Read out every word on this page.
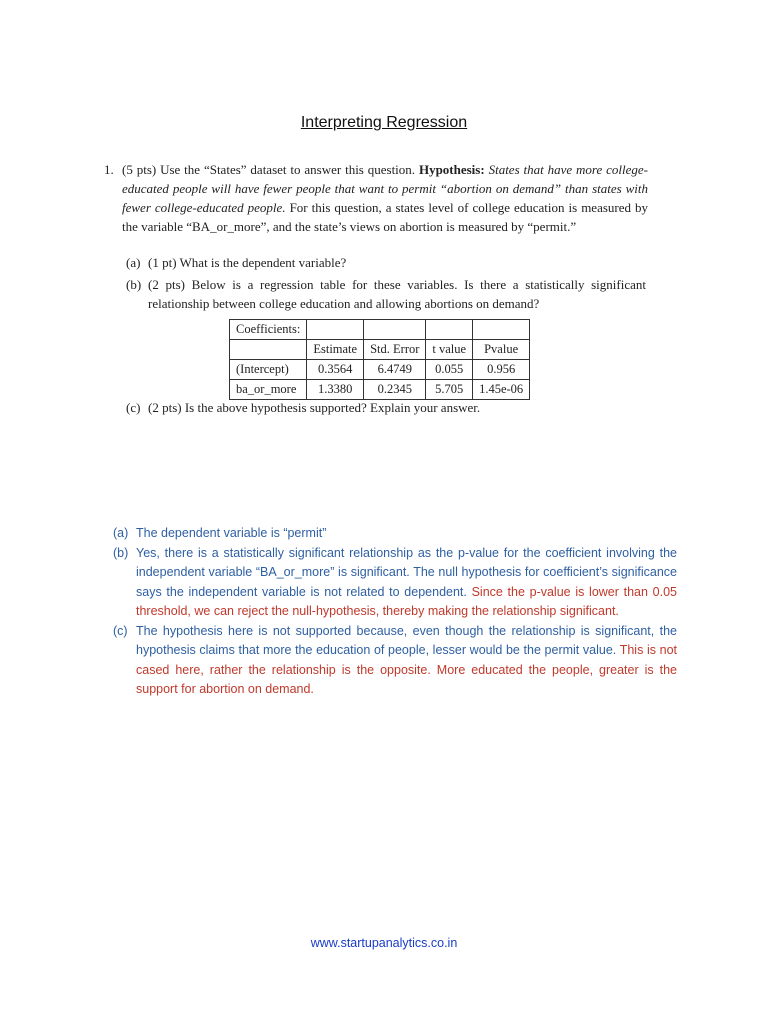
Interpreting Regression
1. (5 pts) Use the “States” dataset to answer this question. Hypothesis: States that have more college-educated people will have fewer people that want to permit “abortion on demand” than states with fewer college-educated people. For this question, a states level of college education is measured by the variable “BA_or_more”, and the state’s views on abortion is measured by “permit.”
(a) (1 pt) What is the dependent variable?
(b) (2 pts) Below is a regression table for these variables. Is there a statistically significant relationship between college education and allowing abortions on demand?
Coefficients:				
	Estimate	Std. Error	t value	Pvalue
(Intercept)	0.3564	6.4749	0.055	0.956
ba_or_more	1.3380	0.2345	5.705	1.45e-06
(c) (2 pts) Is the above hypothesis supported? Explain your answer.
(a) The dependent variable is “permit”
(b) Yes, there is a statistically significant relationship as the p-value for the coefficient involving the independent variable “BA_or_more” is significant. The null hypothesis for coefficient’s significance says the independent variable is not related to dependent. Since the p-value is lower than 0.05 threshold, we can reject the null-hypothesis, thereby making the relationship significant.
(c) The hypothesis here is not supported because, even though the relationship is significant, the hypothesis claims that more the education of people, lesser would be the permit value. This is not cased here, rather the relationship is the opposite. More educated the people, greater is the support for abortion on demand.
www.startupanalytics.co.in
